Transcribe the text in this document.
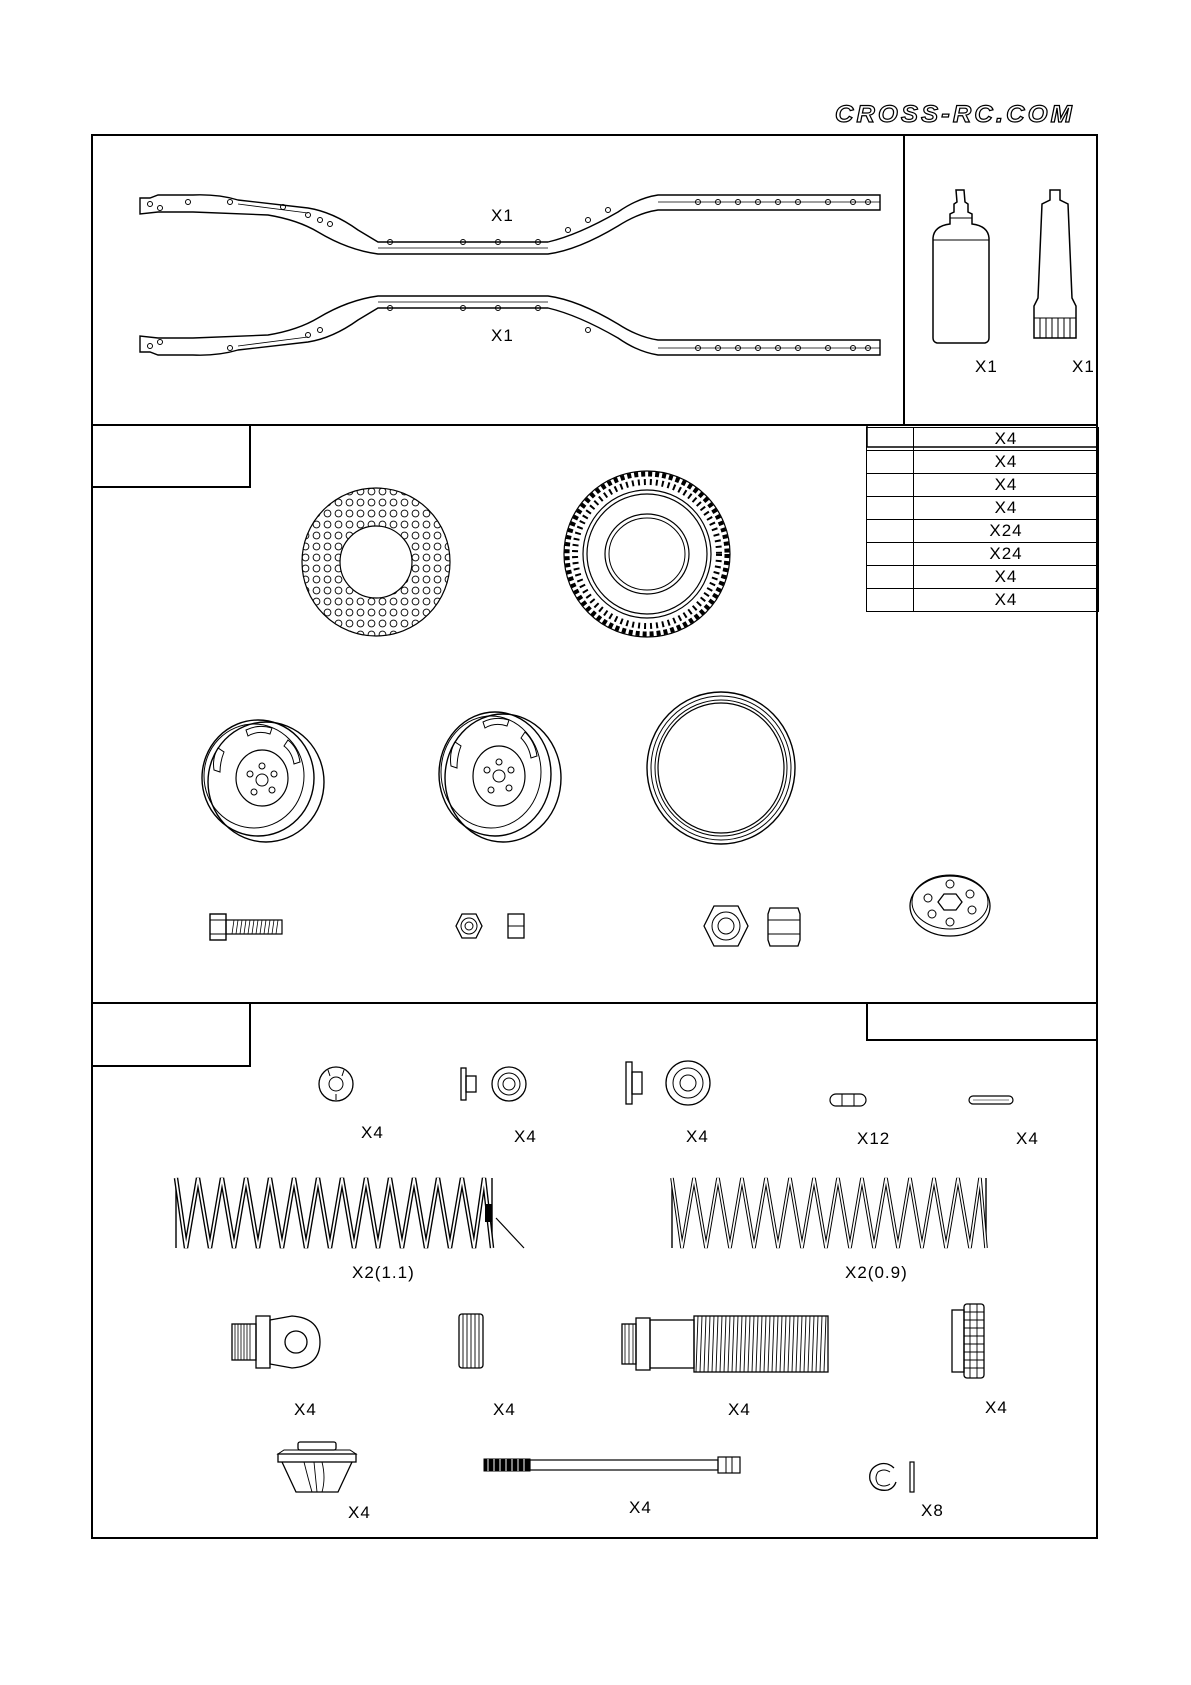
CROSS-RC.COM
X1
X1
X1	X1
	X4
	X4
	X4
	X4
	X24
	X24
	X4
	X4
X4	X4	X4	X12	X4
X2(1.1)	X2(0.9)
X4	X4	X4	X4
X4	X4	X8
